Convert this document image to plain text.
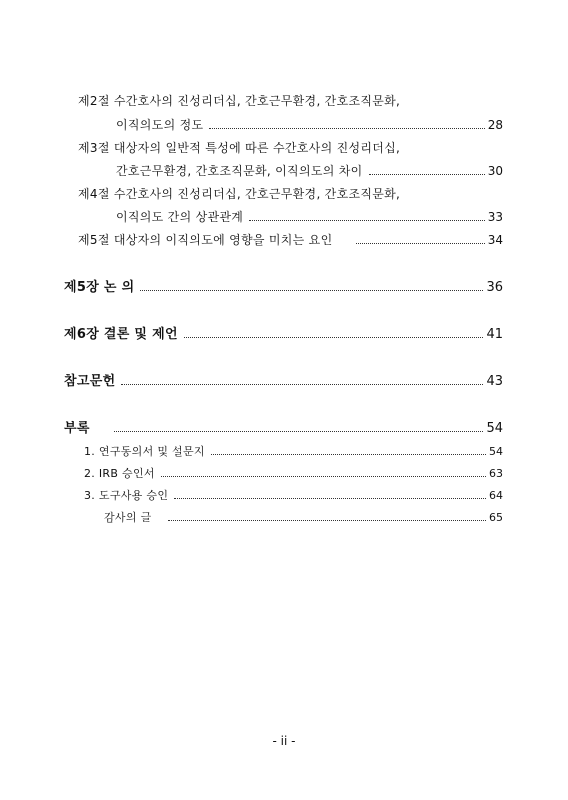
제2절 수간호사의 진성리더십, 간호근무환경, 간호조직문화,
이직의도의 정도	28
제3절 대상자의 일반적 특성에 따른 수간호사의 진성리더십,
간호근무환경, 간호조직문화, 이직의도의 차이	30
제4절 수간호사의 진성리더십, 간호근무환경, 간호조직문화,
이직의도 간의 상관관계	33
제5절 대상자의 이직의도에 영향을 미치는 요인	34
제5장 논 의	36
제6장 결론 및 제언	41
참고문헌	43
부록	54
1. 연구동의서 및 설문지	54
2. IRB 승인서	63
3. 도구사용 승인	64
감사의 글	65
- ii -
